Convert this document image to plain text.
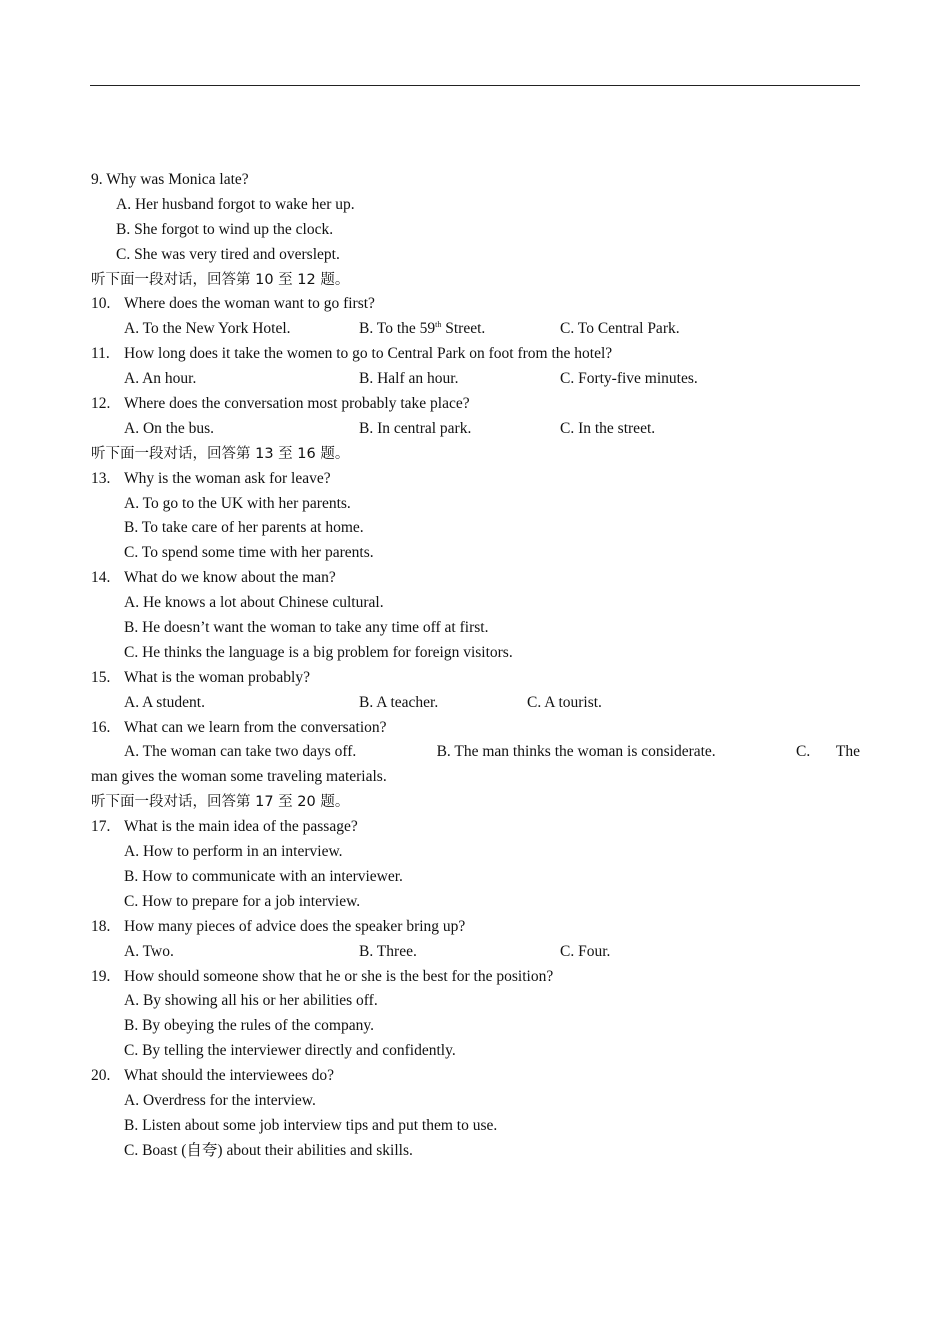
9. Why was Monica late?
A. Her husband forgot to wake her up.
B. She forgot to wind up the clock.
C. She was very tired and overslept.
听下面一段对话，回答第 10 至 12 题。
10. Where does the woman want to go first?
A. To the New York Hotel.	B. To the 59th Street.	C. To Central Park.
11. How long does it take the women to go to Central Park on foot from the hotel?
A. An hour.	B. Half an hour.	C. Forty-five minutes.
12. Where does the conversation most probably take place?
A. On the bus.	B. In central park.	C. In the street.
听下面一段对话，回答第 13 至 16 题。
13. Why is the woman ask for leave?
A. To go to the UK with her parents.
B. To take care of her parents at home.
C. To spend some time with her parents.
14. What do we know about the man?
A. He knows a lot about Chinese cultural.
B. He doesn’t want the woman to take any time off at first.
C. He thinks the language is a big problem for foreign visitors.
15. What is the woman probably?
A. A student.	B. A teacher.	C. A tourist.
16. What can we learn from the conversation?
A. The woman can take two days off.	B. The man thinks the woman is considerate.	C. The
man gives the woman some traveling materials.
听下面一段对话，回答第 17 至 20 题。
17. What is the main idea of the passage?
A. How to perform in an interview.
B. How to communicate with an interviewer.
C. How to prepare for a job interview.
18. How many pieces of advice does the speaker bring up?
A. Two.	B. Three.	C. Four.
19. How should someone show that he or she is the best for the position?
A. By showing all his or her abilities off.
B. By obeying the rules of the company.
C. By telling the interviewer directly and confidently.
20. What should the interviewees do?
A. Overdress for the interview.
B. Listen about some job interview tips and put them to use.
C. Boast (自夸) about their abilities and skills.
